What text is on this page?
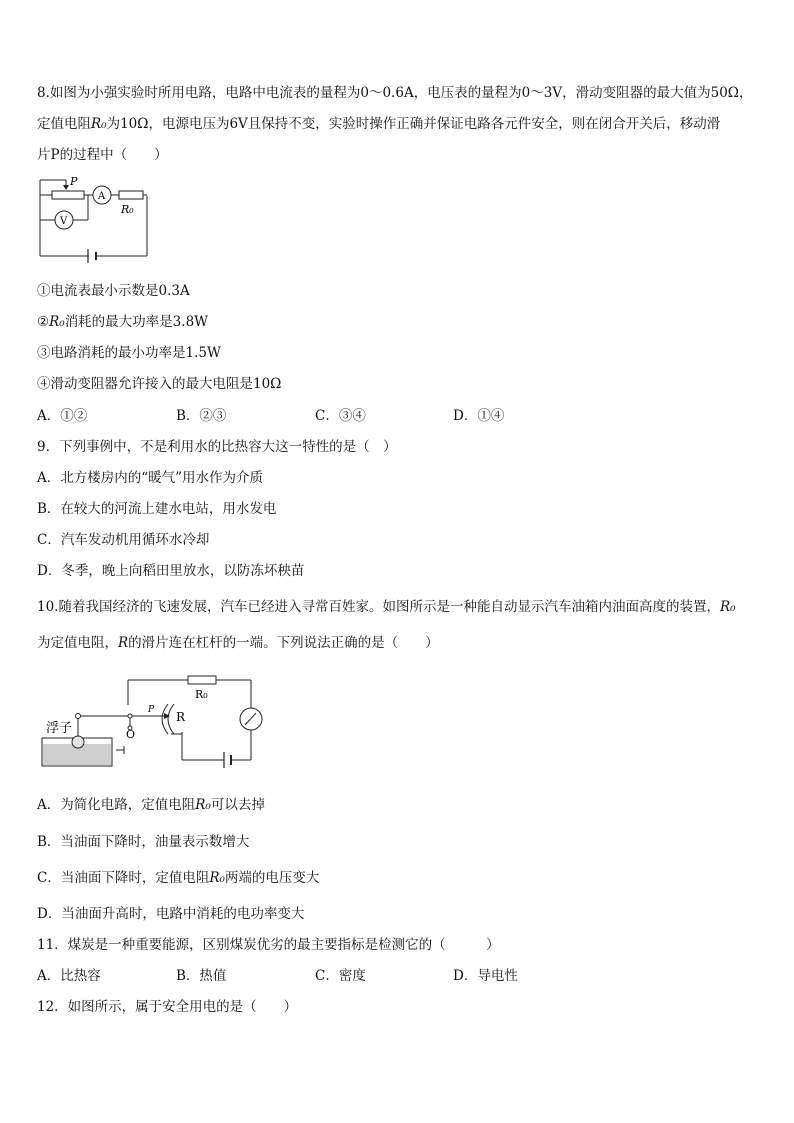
8.如图为小强实验时所用电路，电路中电流表的量程为0～0.6A，电压表的量程为0～3V，滑动变阻器的最大值为50Ω，
定值电阻R₀为10Ω，电源电压为6V且保持不变，实验时操作正确并保证电路各元件安全，则在闭合开关后，移动滑
片P的过程中（　　）
P
A
V
R₀
①电流表最小示数是0.3A
②R₀消耗的最大功率是3.8W
③电路消耗的最小功率是1.5W
④滑动变阻器允许接入的最大电阻是10Ω
A．①②	B．②③	C．③④	D．①④
9．下列事例中，不是利用水的比热容大这一特性的是（　）
A．北方楼房内的“暖气”用水作为介质
B．在较大的河流上建水电站，用水发电
C．汽车发动机用循环水冷却
D．冬季，晚上向稻田里放水，以防冻坏秧苗
10.随着我国经济的飞速发展，汽车已经进入寻常百姓家。如图所示是一种能自动显示汽车油箱内油面高度的装置，R₀
为定值电阻，R的滑片连在杠杆的一端。下列说法正确的是（　　）
浮子
R₀
R
O
P
A．为简化电路，定值电阻R₀可以去掉
B．当油面下降时，油量表示数增大
C．当油面下降时，定值电阻R₀两端的电压变大
D．当油面升高时，电路中消耗的电功率变大
11．煤炭是一种重要能源，区别煤炭优劣的最主要指标是检测它的（　　　）
A．比热容	B．热值	C．密度	D．导电性
12．如图所示，属于安全用电的是（　　）
